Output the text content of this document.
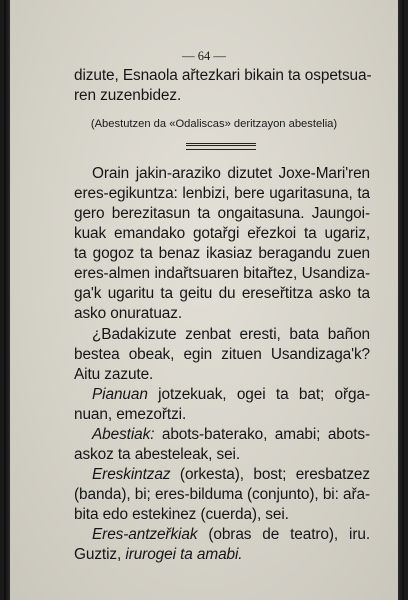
— 64 —
dizute, Esnaola ařtezkari bikain ta ospetsua-
ren zuzenbidez.
(Abestutzen da «Odaliscas» deritzayon abestelia)
Orain jakin-araziko dizutet Joxe-Mari'ren
eres-egikuntza: lenbizi, bere ugaritasuna, ta
gero berezitasun ta ongaitasuna. Jaungoi-
kuak emandako gotařgi eřezkoi ta ugariz,
ta gogoz ta benaz ikasiaz beragandu zuen
eres-almen indařtsuaren bitařtez, Usandiza-
ga'k ugaritu ta geitu du ereseřtitza asko ta
asko onuratuaz.
¿Badakizute zenbat eresti, bata bañon
bestea obeak, egin zituen Usandizaga'k?
Aitu zazute.
Pianuan jotzekuak, ogei ta bat; ořga-
nuan, emezořtzi.
Abestiak: abots-baterako, amabi; abots-
askoz ta abesteleak, sei.
Ereskintzaz (orkesta), bost; eresbatzez
(banda), bi; eres-bilduma (conjunto), bi: ařa-
bita edo estekinez (cuerda), sei.
Eres-antzeřkiak (obras de teatro), iru.
Guztiz, irurogei ta amabi.
